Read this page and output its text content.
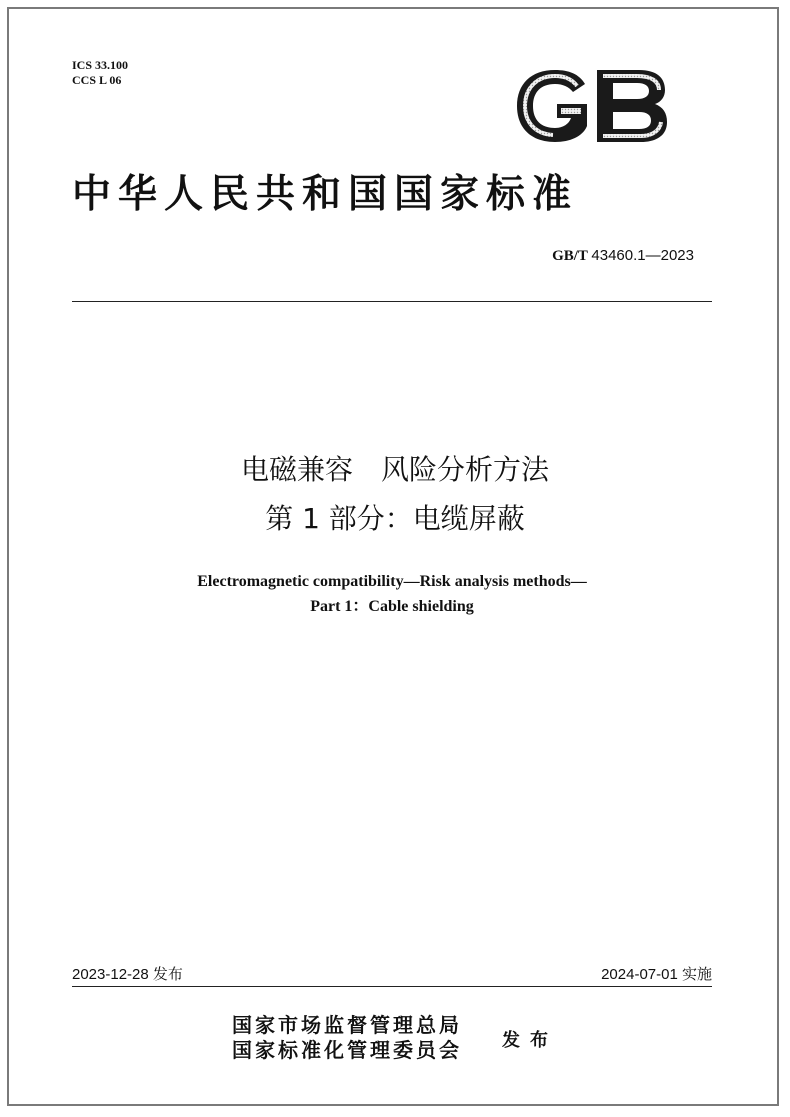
ICS 33.100
CCS L 06
GB
中华人民共和国国家标准
GB/T 43460.1—2023
电磁兼容　风险分析方法
第 1 部分：电缆屏蔽
Electromagnetic compatibility—Risk analysis methods—
Part 1：Cable shielding
2023-12-28 发布	2024-07-01 实施
国家市场监督管理总局
国家标准化管理委员会 发布
